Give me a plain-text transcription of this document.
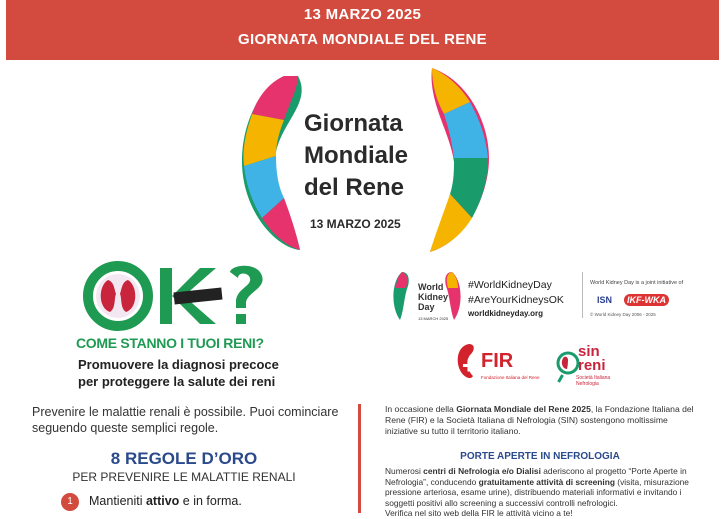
13 MARZO 2025
GIORNATA MONDIALE DEL RENE
Giornata
Mondiale
del Rene
13 MARZO 2025
COME STANNO I TUOI RENI?
Promuovere la diagnosi precoce
per proteggere la salute dei reni
World
Kidney
Day
13 MARCH 2025
#WorldKidneyDay
#AreYourKidneysOK
worldkidneyday.org
World Kidney Day is a joint initiative of
ISN	IKF-WKA
© World Kidney Day 2006 - 2025
FIR
Fondazione Italiana del Rene
sin
reni
Società Italiana
Nefrologia
Prevenire le malattie renali è possibile. Puoi cominciare seguendo queste semplici regole.
8 REGOLE D’ORO
PER PREVENIRE LE MALATTIE RENALI
1	Mantieniti attivo e in forma.
In occasione della Giornata Mondiale del Rene 2025, la Fondazione Italiana del Rene (FIR) e la Società Italiana di Nefrologia (SIN) sostengono moltissime iniziative su tutto il territorio italiano.
PORTE APERTE IN NEFROLOGIA
Numerosi centri di Nefrologia e/o Dialisi aderiscono al progetto “Porte Aperte in Nefrologia”, conducendo gratuitamente attività di screening (visita, misurazione pressione arteriosa, esame urine), distribuendo materiali informativi e invitando i soggetti positivi allo screening a successivi controlli nefrologici.
Verifica nel sito web della FIR le attività vicino a te!
